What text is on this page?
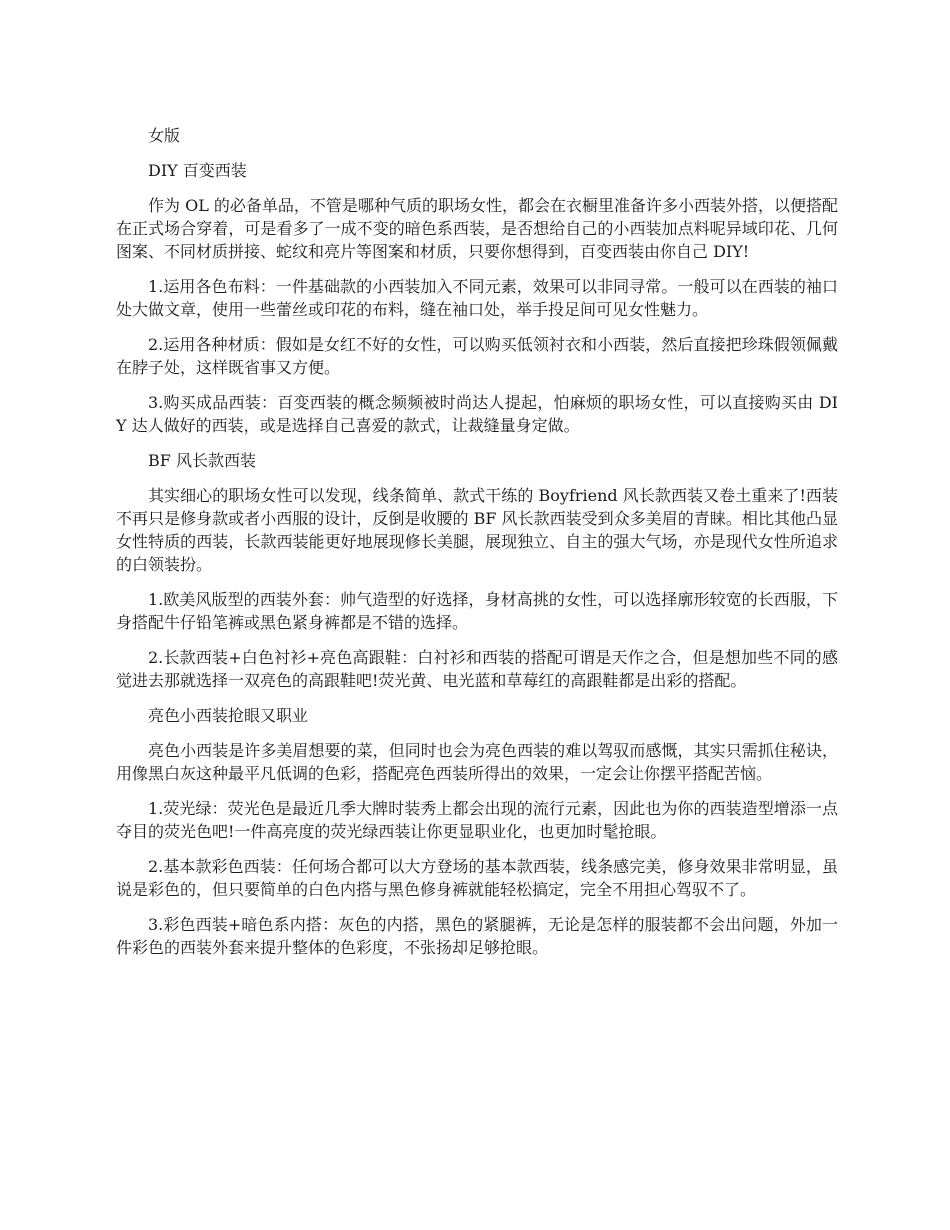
女版

DIY 百变西装

作为 OL 的必备单品，不管是哪种气质的职场女性，都会在衣橱里准备许多小西装外搭，以便搭配在正式场合穿着，可是看多了一成不变的暗色系西装，是否想给自己的小西装加点料呢异域印花、几何图案、不同材质拼接、蛇纹和亮片等图案和材质，只要你想得到，百变西装由你自己 DIY!

1.运用各色布料：一件基础款的小西装加入不同元素，效果可以非同寻常。一般可以在西装的袖口处大做文章，使用一些蕾丝或印花的布料，缝在袖口处，举手投足间可见女性魅力。

2.运用各种材质：假如是女红不好的女性，可以购买低领衬衣和小西装，然后直接把珍珠假领佩戴在脖子处，这样既省事又方便。

3.购买成品西装：百变西装的概念频频被时尚达人提起，怕麻烦的职场女性，可以直接购买由 DIY 达人做好的西装，或是选择自己喜爱的款式，让裁缝量身定做。

BF 风长款西装

其实细心的职场女性可以发现，线条简单、款式干练的 Boyfriend 风长款西装又卷土重来了!西装不再只是修身款或者小西服的设计，反倒是收腰的 BF 风长款西装受到众多美眉的青睐。相比其他凸显女性特质的西装，长款西装能更好地展现修长美腿，展现独立、自主的强大气场，亦是现代女性所追求的白领装扮。

1.欧美风版型的西装外套：帅气造型的好选择，身材高挑的女性，可以选择廓形较宽的长西服，下身搭配牛仔铅笔裤或黑色紧身裤都是不错的选择。

2.长款西装+白色衬衫+亮色高跟鞋：白衬衫和西装的搭配可谓是天作之合，但是想加些不同的感觉进去那就选择一双亮色的高跟鞋吧!荧光黄、电光蓝和草莓红的高跟鞋都是出彩的搭配。

亮色小西装抢眼又职业

亮色小西装是许多美眉想要的菜，但同时也会为亮色西装的难以驾驭而感慨，其实只需抓住秘诀，用像黑白灰这种最平凡低调的色彩，搭配亮色西装所得出的效果，一定会让你摆平搭配苦恼。

1.荧光绿：荧光色是最近几季大牌时装秀上都会出现的流行元素，因此也为你的西装造型增添一点夺目的荧光色吧!一件高亮度的荧光绿西装让你更显职业化，也更加时髦抢眼。

2.基本款彩色西装：任何场合都可以大方登场的基本款西装，线条感完美，修身效果非常明显，虽说是彩色的，但只要简单的白色内搭与黑色修身裤就能轻松搞定，完全不用担心驾驭不了。

3.彩色西装+暗色系内搭：灰色的内搭，黑色的紧腿裤，无论是怎样的服装都不会出问题，外加一件彩色的西装外套来提升整体的色彩度，不张扬却足够抢眼。
